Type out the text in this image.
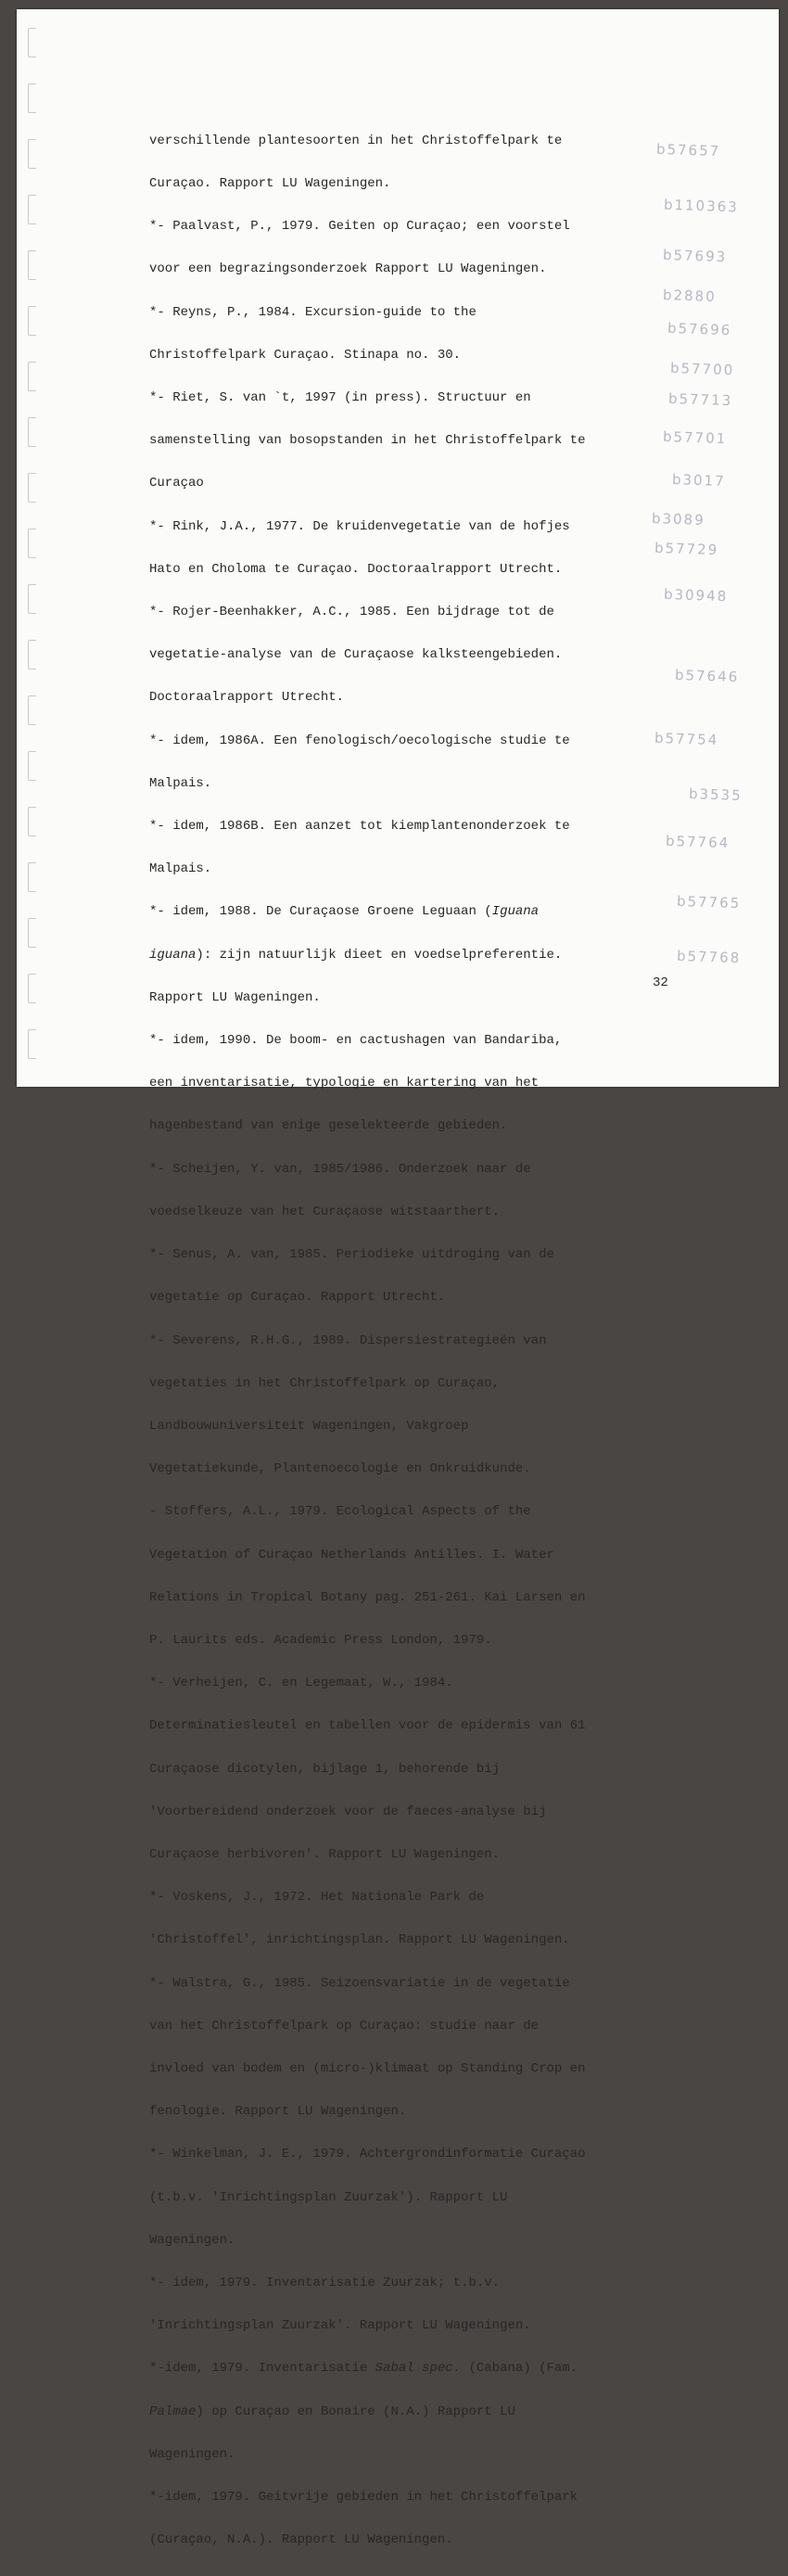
verschillende plantesoorten in het Christoffelpark te

Curaçao. Rapport LU Wageningen.

*- Paalvast, P., 1979. Geiten op Curaçao; een voorstel

voor een begrazingsonderzoek Rapport LU Wageningen.

*- Reyns, P., 1984. Excursion-guide to the

Christoffelpark Curaçao. Stinapa no. 30.

*- Riet, S. van `t, 1997 (in press). Structuur en

samenstelling van bosopstanden in het Christoffelpark te

Curaçao

*- Rink, J.A., 1977. De kruidenvegetatie van de hofjes

Hato en Choloma te Curaçao. Doctoraalrapport Utrecht.

*- Rojer-Beenhakker, A.C., 1985. Een bijdrage tot de

vegetatie-analyse van de Curaçaose kalksteengebieden.

Doctoraalrapport Utrecht.

*- idem, 1986A. Een fenologisch/oecologische studie te

Malpais.

*- idem, 1986B. Een aanzet tot kiemplantenonderzoek te

Malpais.

*- idem, 1988. De Curaçaose Groene Leguaan (Iguana

iguana): zijn natuurlijk dieet en voedselpreferentie.

Rapport LU Wageningen.

*- idem, 1990. De boom- en cactushagen van Bandariba,

een inventarisatie, typologie en kartering van het

hagenbestand van enige geselekteerde gebieden.

*- Scheijen, Y. van, 1985/1986. Onderzoek naar de

voedselkeuze van het Curaçaose witstaarthert.

*- Senus, A. van, 1985. Periodieke uitdroging van de

vegetatie op Curaçao. Rapport Utrecht.

*- Severens, R.H.G., 1989. Dispersiestrategieën van

vegetaties in het Christoffelpark op Curaçao,

Landbouwuniversiteit Wageningen, Vakgroep

Vegetatiekunde, Plantenoecologie en Onkruidkunde.

- Stoffers, A.L., 1979. Ecological Aspects of the

Vegetation of Curaçao Netherlands Antilles. I. Water

Relations in Tropical Botany pag. 251-261. Kai Larsen en

P. Laurits eds. Academic Press London, 1979.

*- Verheijen, C. en Legemaat, W., 1984.

Determinatiesleutel en tabellen voor de epidermis van 61

Curaçaose dicotylen, bijlage 1, behorende bij

'Voorbereidend onderzoek voor de faeces-analyse bij

Curaçaose herbivoren'. Rapport LU Wageningen.

*- Voskens, J., 1972. Het Nationale Park de

'Christoffel', inrichtingsplan. Rapport LU Wageningen.

*- Walstra, G., 1985. Seizoensvariatie in de vegetatie

van het Christoffelpark op Curaçao: studie naar de

invloed van bodem en (micro-)klimaat op Standing Crop en

fenologie. Rapport LU Wageningen.

*- Winkelman, J. E., 1979. Achtergrondinformatie Curaçao

(t.b.v. 'Inrichtingsplan Zuurzak'). Rapport LU

Wageningen.

*- idem, 1979. Inventarisatie Zuurzak; t.b.v.

'Inrichtingsplan Zuurzak'. Rapport LU Wageningen.

*-idem, 1979. Inventarisatie Sabal spec. (Cabana) (Fam.

Palmae) op Curaçao en Bonaire (N.A.) Rapport LU

Wageningen.

*-idem, 1979. Geitvrije gebieden in het Christoffelpark

(Curaçao, N.A.). Rapport LU Wageningen.

b57657
b110363
b57693
b2880
b57696
b57700
b57713
b57701
b3017
b3089
b57729
b30948
b57646
b57754
b3535
b57764
b57765
b57768
32
